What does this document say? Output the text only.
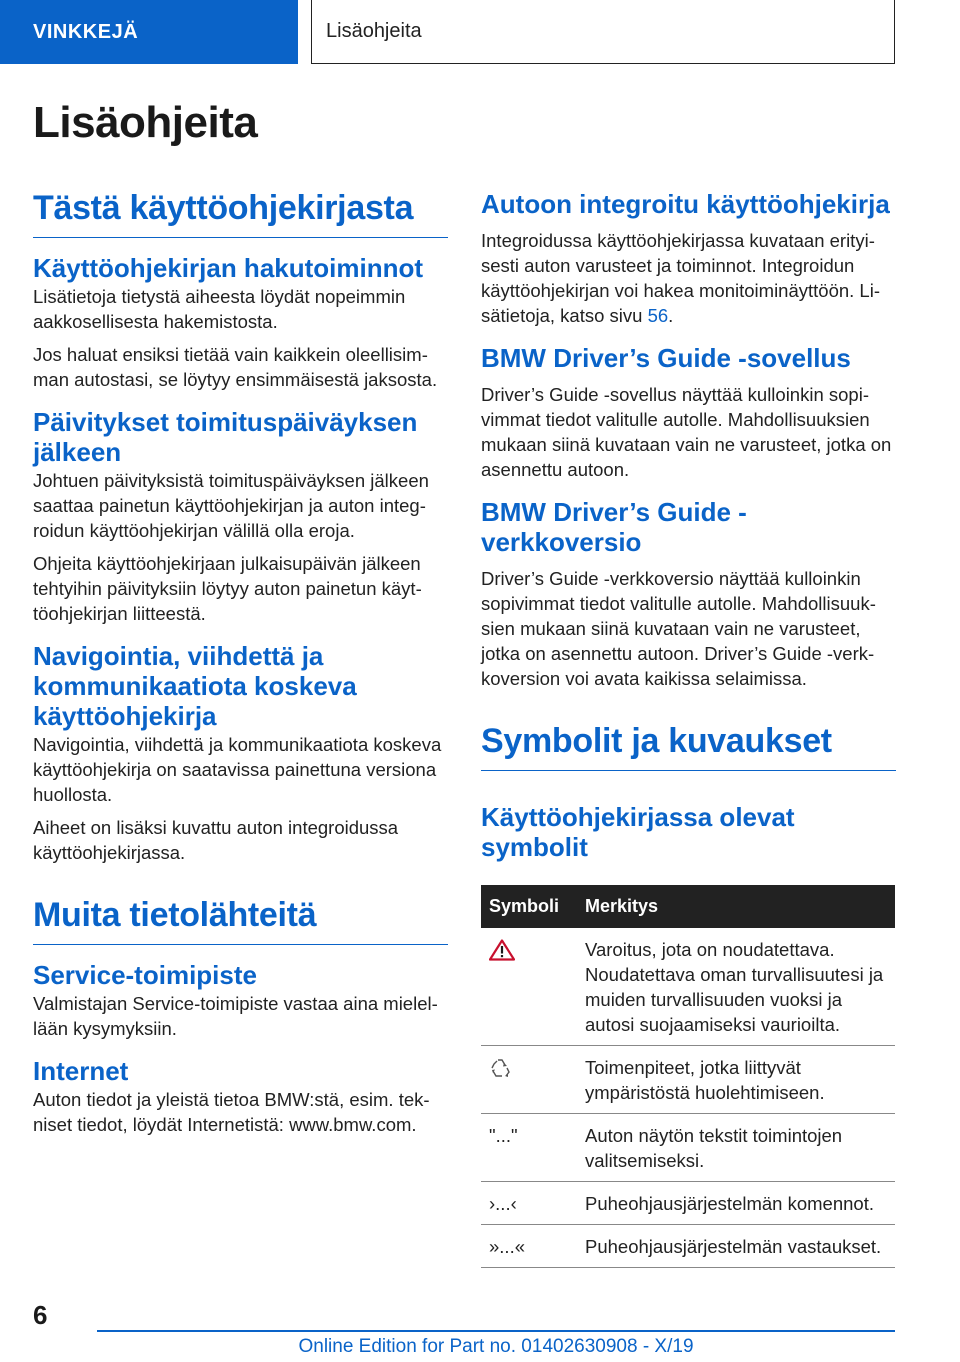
VINKKEJÄ	Lisäohjeita
Lisäohjeita
Tästä käyttöohjekirjasta
Käyttöohjekirjan hakutoiminnot

Lisätietoja tietystä aiheesta löydät nopeimmin aakkosellisesta hakemistosta.

Jos haluat ensiksi tietää vain kaikkein oleellisimman autostasi, se löytyy ensimmäisestä jaksosta.

Päivitykset toimituspäiväyksen jälkeen

Johtuen päivityksistä toimituspäiväyksen jälkeen saattaa painetun käyttöohjekirjan ja auton integroidun käyttöohjekirjan välillä olla eroja.

Ohjeita käyttöohjekirjaan julkaisupäivän jälkeen tehtyihin päivityksiin löytyy auton painetun käyttöohjekirjan liitteestä.

Navigointia, viihdettä ja kommunikaatiota koskeva käyttöohjekirja

Navigointia, viihdettä ja kommunikaatiota koskeva käyttöohjekirja on saatavissa painettuna versiona huollosta.

Aiheet on lisäksi kuvattu auton integroidussa käyttöohjekirjassa.

Muita tietolähteitä
Service-toimipiste

Valmistajan Service-toimipiste vastaa aina mielellään kysymyksiin.

Internet

Auton tiedot ja yleistä tietoa BMW:stä, esim. tekniset tiedot, löydät Internetistä: www.bmw.com.

Autoon integroitu käyttöohjekirja

Integroidussa käyttöohjekirjassa kuvataan erityisesti auton varusteet ja toiminnot. Integroidun käyttöohjekirjan voi hakea monitoiminäyttöön. Lisätietoja, katso sivu 56.

BMW Driver’s Guide -sovellus

Driver’s Guide -sovellus näyttää kulloinkin sopivimmat tiedot valitulle autolle. Mahdollisuuksien mukaan siinä kuvataan vain ne varusteet, jotka on asennettu autoon.

BMW Driver’s Guide -verkkoversio

Driver’s Guide -verkkoversio näyttää kulloinkin sopivimmat tiedot valitulle autolle. Mahdollisuuksien mukaan siinä kuvataan vain ne varusteet, jotka on asennettu autoon. Driver’s Guide -verkkoversion voi avata kaikissa selaimissa.

Symbolit ja kuvaukset
Käyttöohjekirjassa olevat symbolit
Symboli	Merkitys
	Varoitus, jota on noudatettava. Noudatettava oman turvallisuutesi ja muiden turvallisuuden vuoksi ja autosi suojaamiseksi vaurioilta.
	Toimenpiteet, jotka liittyvät ympäristöstä huolehtimiseen.
"..."	Auton näytön tekstit toimintojen valitsemiseksi.
›...‹	Puheohjausjärjestelmän komennot.
»...«	Puheohjausjärjestelmän vastaukset.
6
Online Edition for Part no. 01402630908 - X/19
